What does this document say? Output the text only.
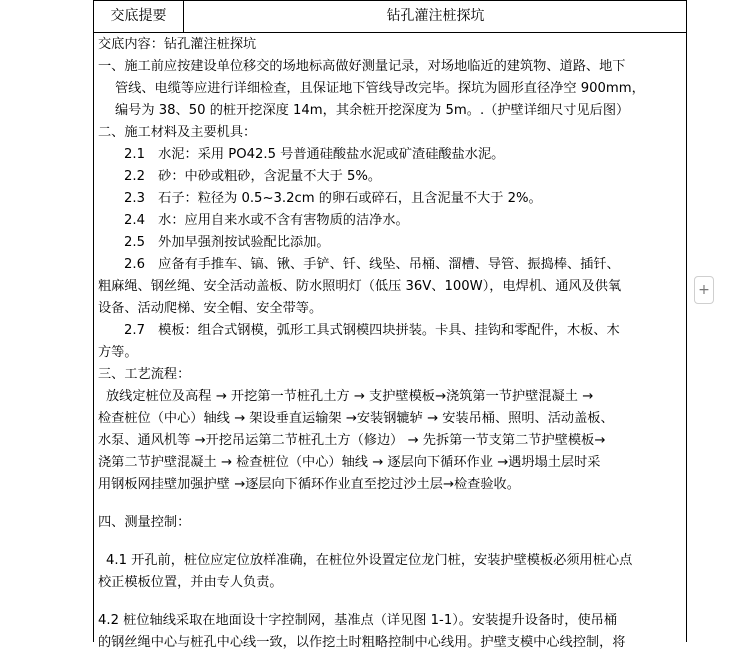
交底提要	钻孔灌注桩探坑
交底内容：钻孔灌注桩探坑
一、施工前应按建设单位移交的场地标高做好测量记录，对场地临近的建筑物、道路、地下
管线、电缆等应进行详细检查，且保证地下管线导改完毕。探坑为圆形直径净空 900mm，
编号为 38、50 的桩开挖深度 14m，其余桩开挖深度为 5m。.（护壁详细尺寸见后图）
二、施工材料及主要机具：
2.1　水泥：采用 PO42.5 号普通硅酸盐水泥或矿渣硅酸盐水泥。
2.2　砂：中砂或粗砂，含泥量不大于 5%。
2.3　石子：粒径为 0.5~3.2cm 的卵石或碎石，且含泥量不大于 2%。
2.4　水：应用自来水或不含有害物质的洁净水。
2.5　外加早强剂按试验配比添加。
2.6　应备有手推车、镐、锹、手铲、钎、线坠、吊桶、溜槽、导管、振捣棒、插钎、
粗麻绳、钢丝绳、安全活动盖板、防水照明灯（低压 36V、100W），电焊机、通风及供氧
设备、活动爬梯、安全帽、安全带等。
2.7　模板：组合式钢模，弧形工具式钢模四块拼装。卡具、挂钩和零配件，木板、木
方等。
三、工艺流程：
放线定桩位及高程 → 开挖第一节桩孔土方 → 支护壁模板→浇筑第一节护壁混凝土 →
检查桩位（中心）轴线 → 架设垂直运输架 →安装钢辘轳 → 安装吊桶、照明、活动盖板、
水泵、通风机等 →开挖吊运第二节桩孔土方（修边） → 先拆第一节支第二节护壁模板→
浇第二节护壁混凝土 → 检查桩位（中心）轴线 → 逐层向下循环作业 →遇坍塌土层时采
用钢板网挂壁加强护壁 →逐层向下循环作业直至挖过沙土层→检查验收。
四、测量控制：
4.1 开孔前，桩位应定位放样准确，在桩位外设置定位龙门桩，安装护壁模板必须用桩心点
校正模板位置，并由专人负责。
4.2 桩位轴线采取在地面设十字控制网，基准点（详见图 1-1）。安装提升设备时，使吊桶
的钢丝绳中心与桩孔中心线一致，以作挖土时粗略控制中心线用。护壁支模中心线控制，将
+
